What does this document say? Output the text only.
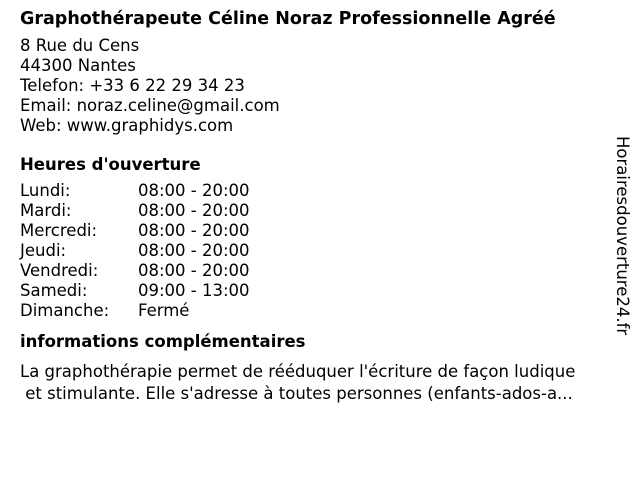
Graphothérapeute Céline Noraz Professionnelle Agréé
8 Rue du Cens
44300 Nantes
Telefon: +33 6 22 29 34 23
Email: noraz.celine@gmail.com
Web: www.graphidys.com
Heures d'ouverture
Lundi:	08:00 - 20:00
Mardi:	08:00 - 20:00
Mercredi:	08:00 - 20:00
Jeudi:	08:00 - 20:00
Vendredi:	08:00 - 20:00
Samedi:	09:00 - 13:00
Dimanche:	Fermé
informations complémentaires
La graphothérapie permet de rééduquer l'écriture de façon ludique
et stimulante. Elle s'adresse à toutes personnes (enfants-ados-a...
Horairesdouverture24.fr
